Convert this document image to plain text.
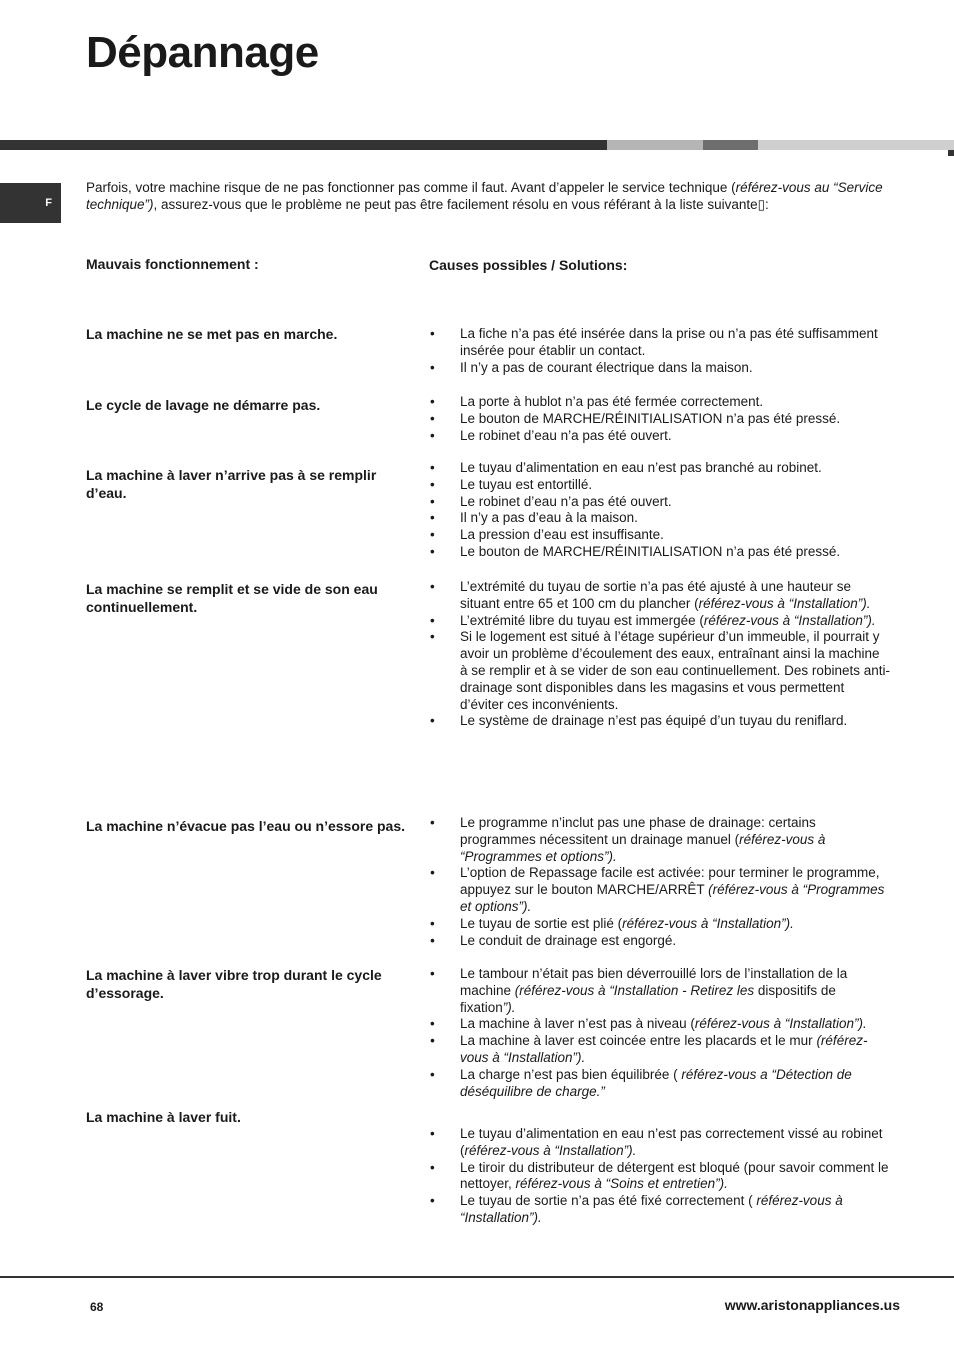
Dépannage
F

Parfois, votre machine risque de ne pas fonctionner pas comme il faut. Avant d’appeler le service technique (référez-vous au “Service technique”), assurez-vous que le problème ne peut pas être facilement résolu en vous référant à la liste suivante▯:

Mauvais fonctionnement :	Causes possibles / Solutions:
La machine ne se met pas en marche.	• La fiche n’a pas été insérée dans la prise ou n’a pas été suffisamment insérée pour établir un contact.
• Il n’y a pas de courant électrique dans la maison.
Le cycle de lavage ne démarre pas.	• La porte à hublot n’a pas été fermée correctement.
• Le bouton de MARCHE/RÉINITIALISATION n’a pas été pressé.
• Le robinet d’eau n’a pas été ouvert.
La machine à laver n’arrive pas à se remplir d’eau.
• Le tuyau d’alimentation en eau n’est pas branché au robinet.
• Le tuyau est entortillé.
• Le robinet d’eau n’a pas été ouvert.
• Il n’y a pas d’eau à la maison.
• La pression d’eau est insuffisante.
• Le bouton de MARCHE/RÉINITIALISATION n’a pas été pressé.
La machine se remplit et se vide de son eau continuellement.
• L’extrémité du tuyau de sortie n’a pas été ajusté à une hauteur se situant entre 65 et 100 cm du plancher (référez-vous à “Installation”).
• L’extrémité libre du tuyau est immergée (référez-vous à “Installation”).
• Si le logement est situé à l’étage supérieur d’un immeuble, il pourrait y avoir un problème d’écoulement des eaux, entraînant ainsi la machine à se remplir et à se vider de son eau continuellement. Des robinets anti-drainage sont disponibles dans les magasins et vous permettent d’éviter ces inconvénients.
• Le système de drainage n’est pas équipé d’un tuyau du reniflard.
La machine n’évacue pas l’eau ou n’essore pas.	• Le programme n’inclut pas une phase de drainage: certains programmes nécessitent un drainage manuel (référez-vous à “Programmes et options”).
• L’option de Repassage facile est activée: pour terminer le programme, appuyez sur le bouton MARCHE/ARRÊT (référez-vous à “Programmes et options”).
• Le tuyau de sortie est plié (référez-vous à “Installation”).
• Le conduit de drainage est engorgé.
La machine à laver vibre trop durant le cycle d’essorage.
• Le tambour n’était pas bien déverrouillé lors de l’installation de la machine (référez-vous à “Installation - Retirez les dispositifs de fixation”).
• La machine à laver n’est pas à niveau (référez-vous à “Installation”).
• La machine à laver est coincée entre les placards et le mur (référez-vous à “Installation”).
• La charge n’est pas bien équilibrée ( référez-vous a “Détection de déséquilibre de charge.”
La machine à laver fuit.
• Le tuyau d’alimentation en eau n’est pas correctement vissé au robinet (référez-vous à “Installation”).
• Le tiroir du distributeur de détergent est bloqué (pour savoir comment le nettoyer, référez-vous à “Soins et entretien”).
• Le tuyau de sortie n’a pas été fixé correctement ( référez-vous à “Installation”).
68	www.aristonappliances.us
